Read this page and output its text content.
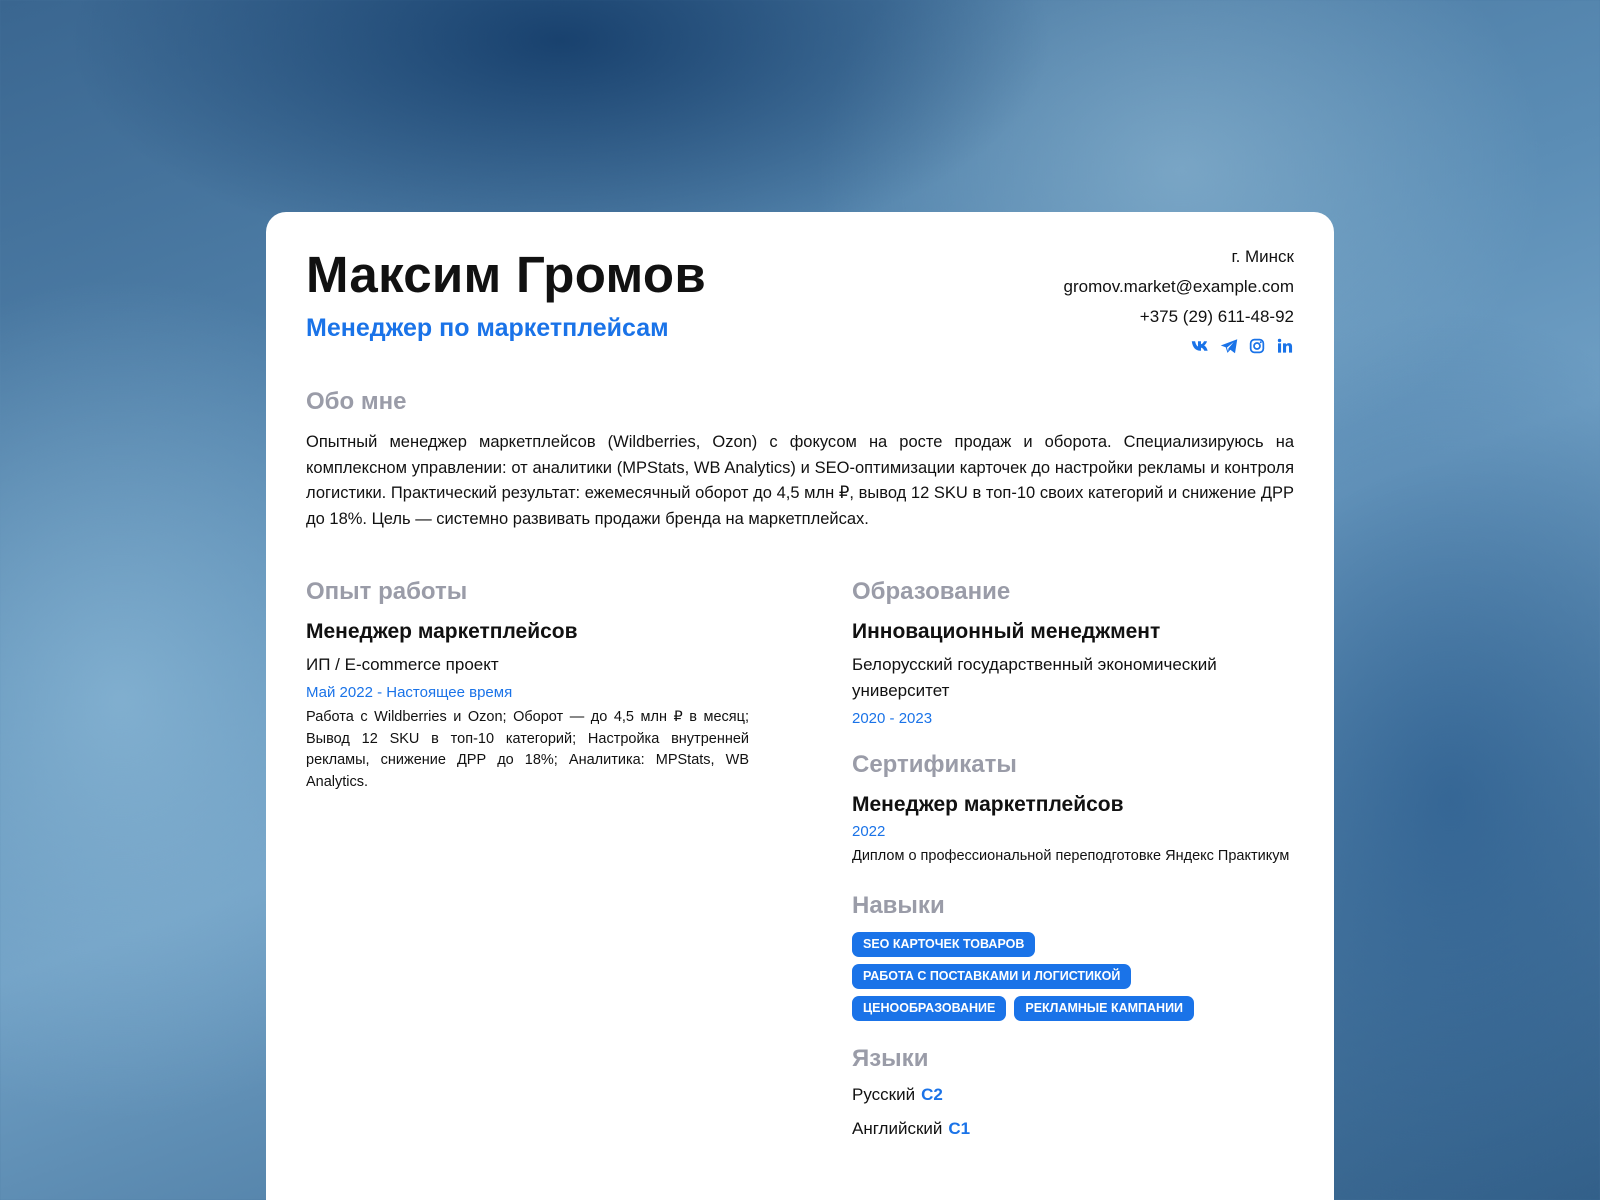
Максим Громов
Менеджер по маркетплейсам
г. Минск
gromov.market@example.com
+375 (29) 611-48-92
Обо мне

Опытный менеджер маркетплейсов (Wildberries, Ozon) с фокусом на росте продаж и оборота. Специализируюсь на комплексном управлении: от аналитики (MPStats, WB Analytics) и SEO-оптимизации карточек до настройки рекламы и контроля логистики. Практический результат: ежемесячный оборот до 4,5 млн ₽, вывод 12 SKU в топ-10 своих категорий и снижение ДРР до 18%. Цель — системно развивать продажи бренда на маркетплейсах.

Опыт работы
Менеджер маркетплейсов
ИП / E-commerce проект
Май 2022 - Настоящее время
Работа с Wildberries и Ozon; Оборот — до 4,5 млн ₽ в месяц; Вывод 12 SKU в топ-10 категорий; Настройка внутренней рекламы, снижение ДРР до 18%; Аналитика: MPStats, WB Analytics.
Образование
Инновационный менеджмент
Белорусский государственный экономический университет
2020 - 2023
Сертификаты
Менеджер маркетплейсов
2022
Диплом о профессиональной переподготовке Яндекс Практикум
Навыки
SEO КАРТОЧЕК ТОВАРОВ
РАБОТА С ПОСТАВКАМИ И ЛОГИСТИКОЙ
ЦЕНООБРАЗОВАНИЕ	РЕКЛАМНЫЕ КАМПАНИИ
Языки
Русский C2
Английский C1
